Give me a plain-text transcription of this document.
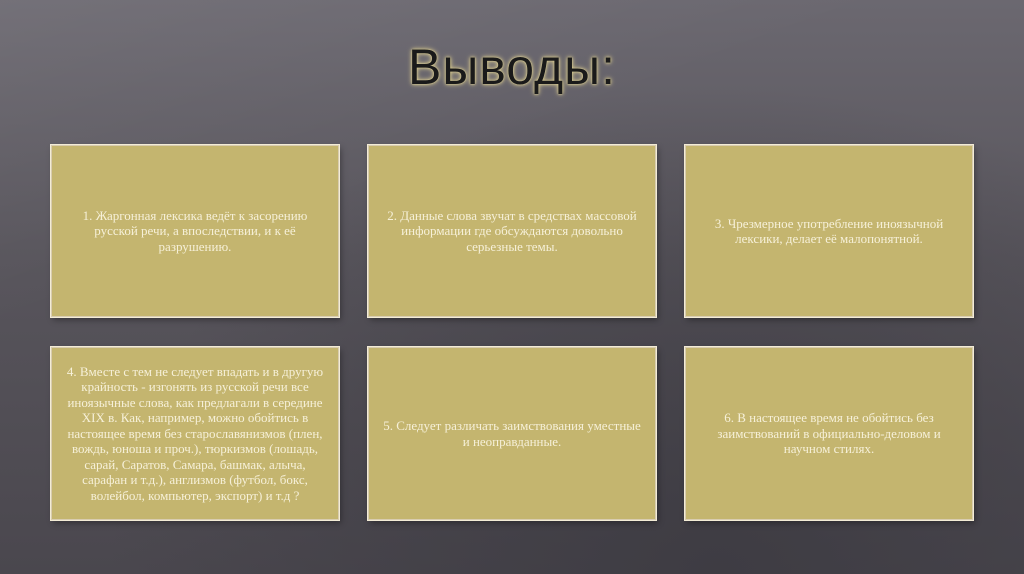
Выводы:
1. Жаргонная лексика ведёт к засорению русской речи, а впоследствии, и к её разрушению.
2. Данные слова звучат в средствах массовой информации где обсуждаются довольно серьезные темы.
3. Чрезмерное употребление иноязычной лексики, делает её малопонятной.
4. Вместе с тем не следует впадать и в другую крайность - изгонять из русской речи все иноязычные слова, как предлагали в середине XIX в. Как, например, можно обойтись в настоящее время без старославянизмов (плен, вождь, юноша и проч.), тюркизмов (лошадь, сарай, Саратов, Самара, башмак, алыча, сарафан и т.д.), англизмов (футбол, бокс, волейбол, компьютер, экспорт) и т.д ?
5. Следует различать заимствования уместные и неоправданные.
6. В настоящее время не обойтись без заимствований в официально-деловом и научном стилях.
